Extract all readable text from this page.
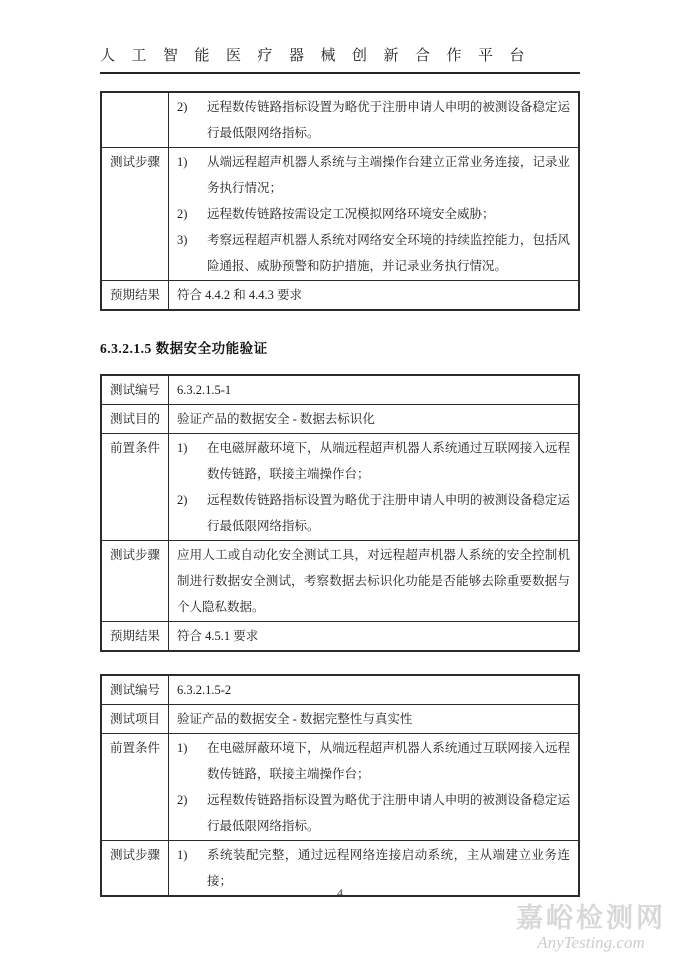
人工智能医疗器械创新合作平台

	2) 远程数传链路指标设置为略优于注册申请人申明的被测设备稳定运行最低限网络指标。

测试步骤	1)	从端远程超声机器人系统与主端操作台建立正常业务连接，记录业务执行情况；
2)	远程数传链路按需设定工况模拟网络环境安全威胁；
3)	考察远程超声机器人系统对网络安全环境的持续监控能力，包括风险通报、威胁预警和防护措施，并记录业务执行情况。

预期结果	符合 4.4.2 和 4.4.3 要求
6.3.2.1.5 数据安全功能验证
测试编号	6.3.2.1.5-1
测试目的	验证产品的数据安全 - 数据去标识化
前置条件	1) 在电磁屏蔽环境下，从端远程超声机器人系统通过互联网接入远程数传链路，联接主端操作台；
2) 远程数传链路指标设置为略优于注册申请人申明的被测设备稳定运行最低限网络指标。

测试步骤	应用人工或自动化安全测试工具，对远程超声机器人系统的安全控制机制进行数据安全测试，考察数据去标识化功能是否能够去除重要数据与个人隐私数据。
预期结果	符合 4.5.1 要求
测试编号	6.3.2.1.5-2
测试项目	验证产品的数据安全 - 数据完整性与真实性
前置条件	1) 在电磁屏蔽环境下，从端远程超声机器人系统通过互联网接入远程数传链路，联接主端操作台；
2) 远程数传链路指标设置为略优于注册申请人申明的被测设备稳定运行最低限网络指标。

测试步骤	1) 系统装配完整，通过远程网络连接启动系统，主从端建立业务连接；
4
嘉峪检测网
AnyTesting.com
